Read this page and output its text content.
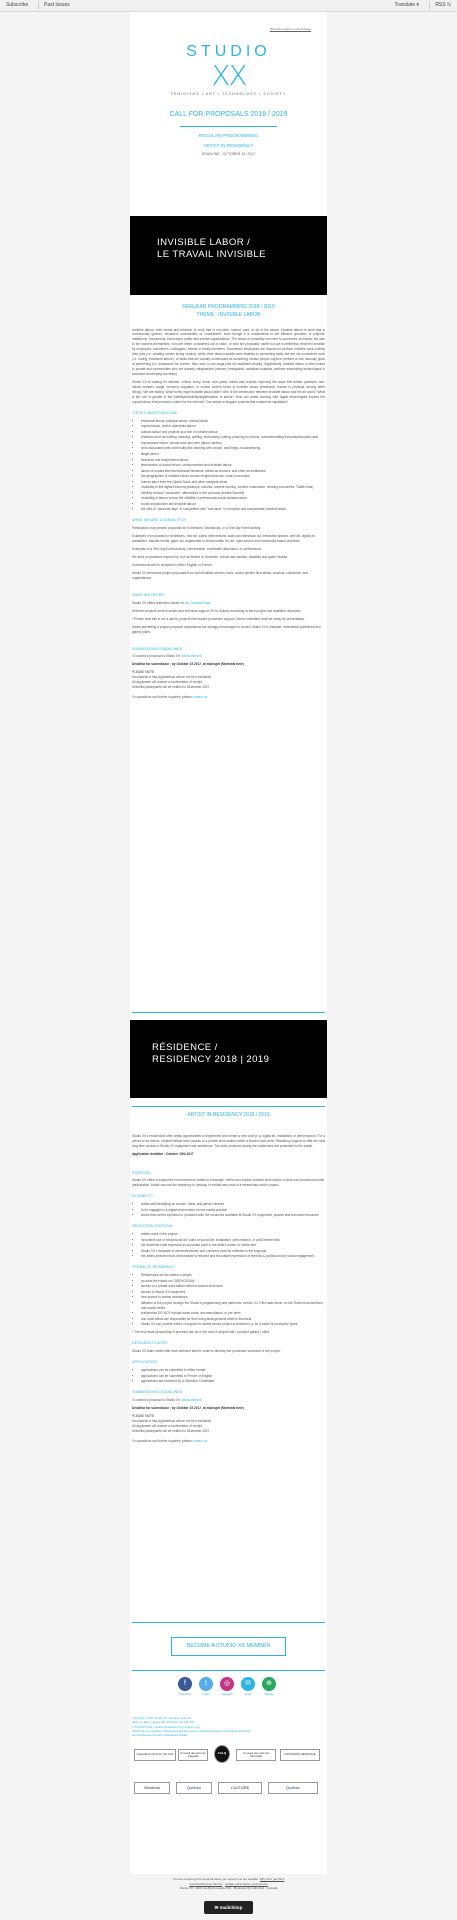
Subscribe	Past Issues	Translate ▾	RSS ℕ
View this email in your browser
STUDIO
XX
FEMINISMS • ART • TECHNOLOGY • SOCIETY
CALL FOR PROPOSALS 2018 / 2019
REGULAR PROGRAMMING
ARTIST IN RESIDENCY
DEADLINE : OCTOBER 15, 2017
INVISIBLE LABOR /
LE TRAVAIL INVISIBLE
REGULAR PROGRAMMING 2018 / 2019
THEME : INVISIBLE LABOR

Invisible labour, both formal and informal, is work that is not seen, valued, paid, or all of the above. Invisible labour is work that is continuously ignored, devalued, unrewarded, or "naturalized" even though it is fundamental to the efficient operation of projects, institutions, households, economies, public and private organizations. The notion of invisibility can refer to processes and tasks, but also to the workers themselves, who are either considered out of value, or who are physically visible but are nonetheless rendered invisible by employers, consumers, colleagues, friends or family members. Sometimes employees are required to perform invisible work unlikely their jobs (i.e. creating certain loving routine), while other times invisible work enables to performing tasks but are not considered work (i.e. caring, emotional labour), or tasks that are socially constructed as something certain people ought to perform or are naturally good at performing (i.e. housework for women, farm work or low-wage jobs for racialized people). Significantly, invisible labour is often linked to private and communities who are already marginalized (women, immigrants, racialized subjects, workers assembling technologies in economic developing countries).

Studio XX is looking for intimate, critical, funny, ironic, and poetic media arts projects exploring the ways that artistic practices, self-valued workers usage, women's migration, or certain current forms of invisible labour (emotional, mental or physical, among other things). We are asking: What forms might invisible labour take? Who is the intersection between invisible labour and the art world? What is the role of gender in the visibility/invisibility/legitimization of labour? How can artists working with digital technologies explore the unpaid labour that provides content for the internet? Can artists re-imagine projects that undermine capitalism?

TOPICS MIGHT INCLUDE:
• emotional labour, physical labour, mental labour
• unpaid labour, and/or underpaid labour
• cultural labour and projects as a site of invisible labour
• practices such as knitting, weaving, quilting, embroidery, cutting, planning for events, commemorating everyday/domestic acts
• reproductive labour, sexual work and care (labour tactics)
• work associated with commodity like cleaning with people, and things, housekeeping
• illegal labour
• freelance and independent labour
• feminization of social reform, undocumented and invisible labour
• labour of unpaid intern/scholars/art fieldwork, artists as workers, and other art institutions
• the geographies of invisible labour across neighbourhoods, urban economies
• human-labor from the Global South and other marginal areas
• invisibility in the digital economy (fanboys, cultures, content farming, content moderation, vending economies, Twitter bots)
• infinitely serious "expansive" alternatives in the art world (female Bunnell)
• invisibility of labour versus the visibility of professional social infrastructures
• social reproduction and invisible labour
• the idea of "personal days" in competition with "real labor" in computer and compensate invisible labour
WHAT WE ARE LOOKING FOR

Participants may present proposals for Exhibitions, Workshops, or a One-day Event activity.

Examples of proposals for exhibitions, new art, public interventions, audio and television art, interactive spaces, web art, digital art, installation, transfer media, game art, augmented or virtual reality, bio art, open source and community-based practices.

Examples of a One-day Event/Activity: conversation, roundtable discussion, or performance.

We seek propositions inspired by, but not limited to, feminism, critical race studies, disability and queer studies.

Submissions will be accepted in either English or French.

Studio XX welcomes project proposals from self-identified women, trans, and/or gender fluid artists, curators, collectives, and organizations.

WHAT WE OFFER

Studio XX offers artist fees based on our Contract Page

Selected projects receive artistic and technical support (% for dollars) according to each project and available resources.

* Please note this is not a call for projects that require production support. Works submitted must be ready for presentation.

Artists submitting a project proposal: applications are strongly encouraged to consult Studio XX's mandate, submission guidelines and gallery plans.

SUBMISSIONS GUIDELINES

To submit a proposal to Studio XX: follow this link

Deadline for submission : by October 15 2017, at midnight (Montreal time)

PLEASE NOTE

Incomplete or late applications will be not be considered

All applicants will receive a confirmation of receipt

Selected participants will be notified in December 2017

For questions and further inquiries, please contact us

RÉSIDENCE /
RESIDENCY 2018 | 2019
ARTIST IN RESIDENCY 2018 / 2019

Studio XX's residencies offer artists opportunities to experiment and create a new work (e.g. digital art, installation or performance). For a period of six weeks, resident artists have access to a private work station within a shared work area. Residency support is offer the next long time access to Studio XX equipment and workshops. The work produced during the residencies are presented to the public.

Application deadline : October 15th 2017

PURPOSE

Studio XX offers a supportive environment for artists to exchange, define and explore creative work based on their own process and with participation. Artists can use the residency to develop or exhibit new work in a researched and/or project.

ELIGIBILITY
• artists self-identifying as women, trans, and gender diverse
• to be engaged in a digital environment of new media practice
• works that can be exploited or produced with the resources available at Studio XX equipment, spaces and technical resources
SELECTION CRITERIA
• artistic merit of the project
• innovative use of media tools art, video or sound art, installation, performance, or post-internet arts
• the residents must represent an important point in the artist's career or media arts
• Studio XX's mandate of women/feminism and concerns must be reflected in the proposal
• the artists selected must demonstrate a relevant and innovative expression of feminist & political and/or social engagement
TERMS OF RESIDENCY
• Residencies are six weeks in length
• an artist fee based on CARFAC/RAAV
• access to a private work station within a shared work area
• access to Studio XX equipment
• free access to certain workshops
• diffusion of the project through the Studio's programming and platforms: events, XX Files radio show, on the Flicker/Lisa archives, and social media
• residencies DO NOT include travel costs, accommodation, or per diem
• non-local artists are responsible for their living arrangements while in Montreal
• Studio XX can provide letters of support for artists whose project is selected e.g. for a travel or production grant

* The end result (depending of process) can be in the form of project talk / a project gallery / office

RESIDENCY DATES

Studio XX team meets with each selected artist in order to develop the production schedule of the project.

APPLICATION
• applications can be submitted in either format
• applications can be submitted in French or English
• applications are reviewed by a Selection Committee
SUBMISSIONS GUIDELINES

To submit a proposal to Studio XX: follow this link

Deadline for submission : by October 15 2017, at midnight (Montreal time)

PLEASE NOTE

Incomplete or late applications will be not be considered

All applicants will receive a confirmation of receipt

Selected participants will be notified in December 2017

For questions and further inquiries, please contact us

BECOME A STUDIO XX MEMBER
f
Facebook
t
Twitter
◎
Instagram
✉
Email
⊕
Website
Copyright © 2017 Studio XX, All rights reserved.
4001 rue Berri, espace 201 Montréal, QC H2L 4H2
T. 514 845 7934 | studioxx@studioxx.org | studioxx.org
Studio XX is a member of Regroupement des centres d'artistes autogérés du Québec (RCAAQ),
and the Réseau des arts médiatiques (RAM)
Canada Council for the Arts Conseil des arts du Canada
CALQ	Conseil des arts de Montréal	CANADIAN HERITAGE
Montréal	Québec	CULTURE	Québec
You are receiving this email because you opted in at our website. Why did I get this?
unsubscribe from this list · update subscription preferences
Studio XX · 4001 rue Berri espace 201 · Montreal, QC H2L 4H2 · Canada
✉ mailchimp
